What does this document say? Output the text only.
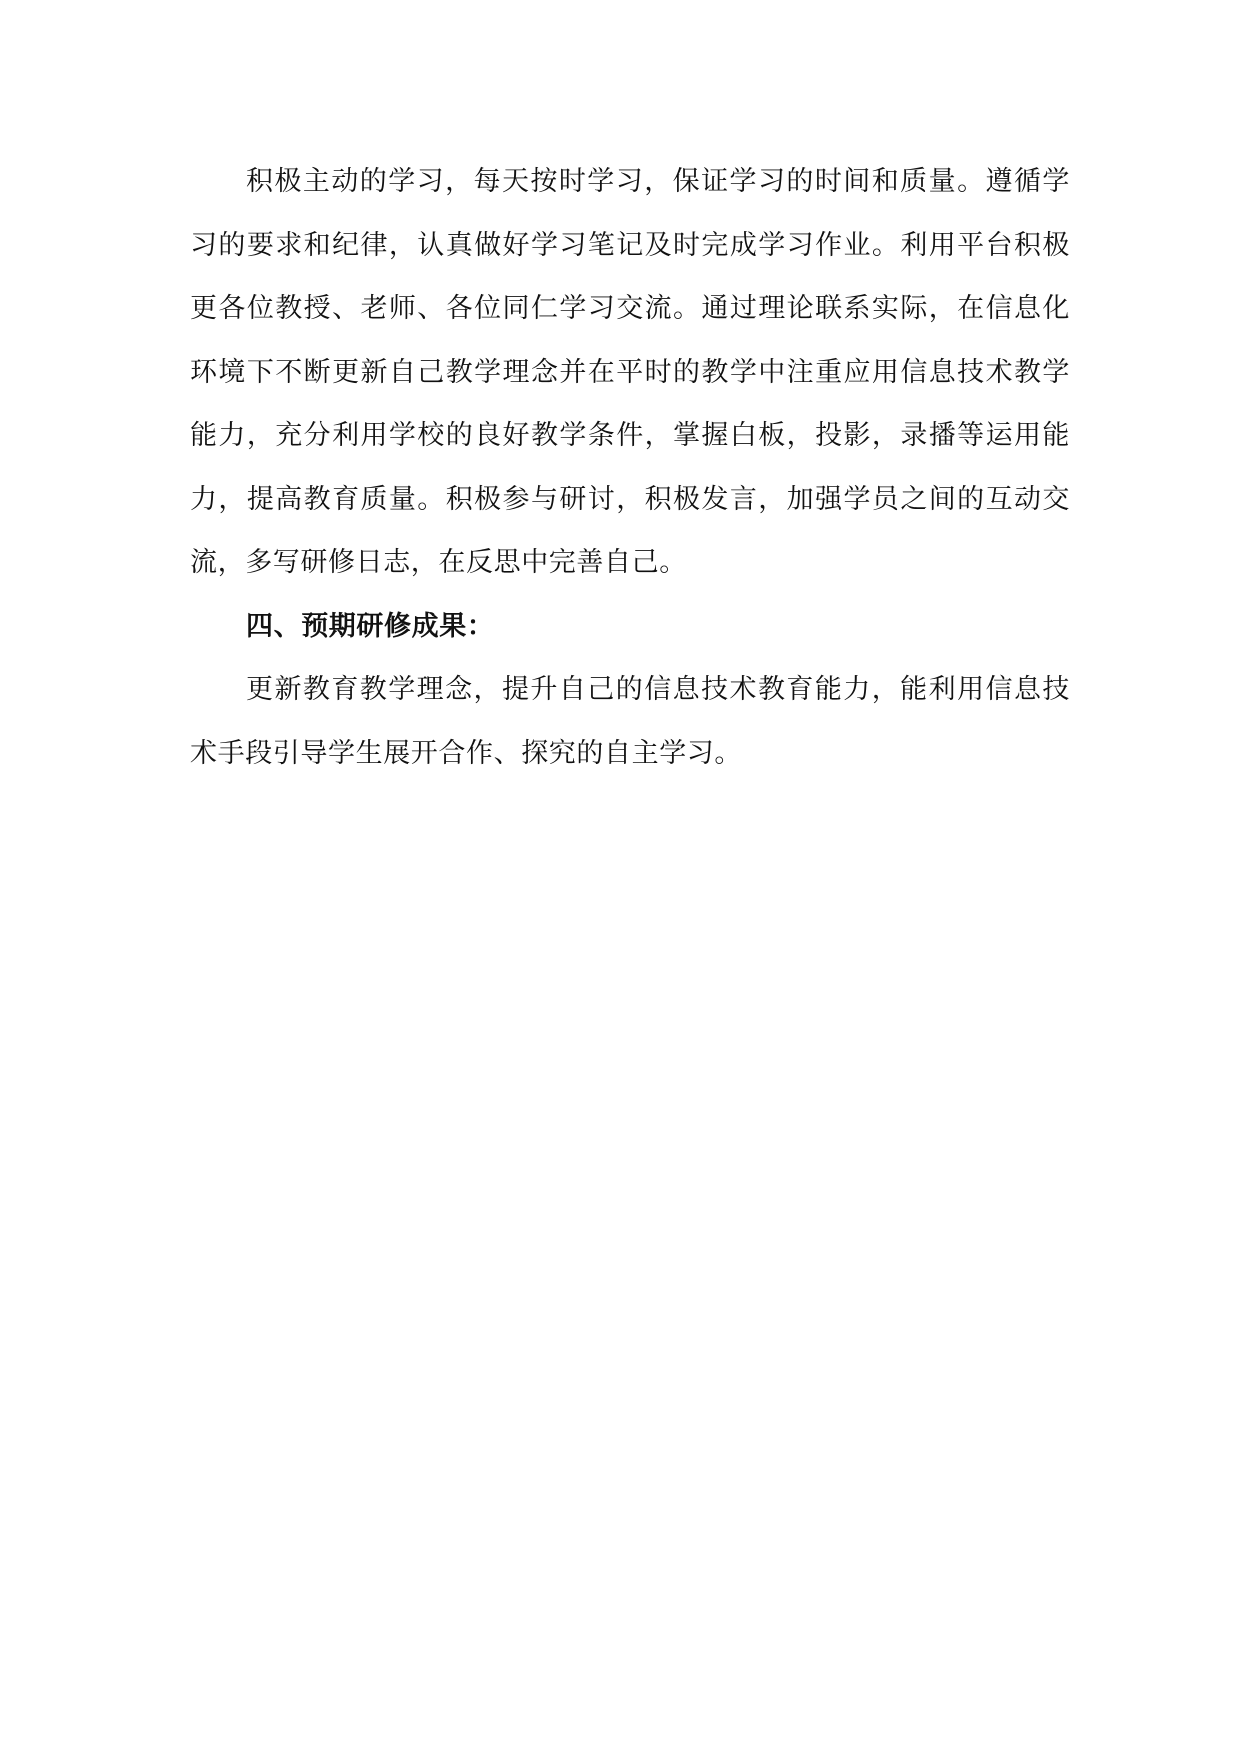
积极主动的学习，每天按时学习，保证学习的时间和质量。遵循学习的要求和纪律，认真做好学习笔记及时完成学习作业。利用平台积极更各位教授、老师、各位同仁学习交流。通过理论联系实际，在信息化环境下不断更新自己教学理念并在平时的教学中注重应用信息技术教学能力，充分利用学校的良好教学条件，掌握白板，投影，录播等运用能力，提高教育质量。积极参与研讨，积极发言，加强学员之间的互动交流，多写研修日志，在反思中完善自己。

四、预期研修成果：

更新教育教学理念，提升自己的信息技术教育能力，能利用信息技术手段引导学生展开合作、探究的自主学习。
